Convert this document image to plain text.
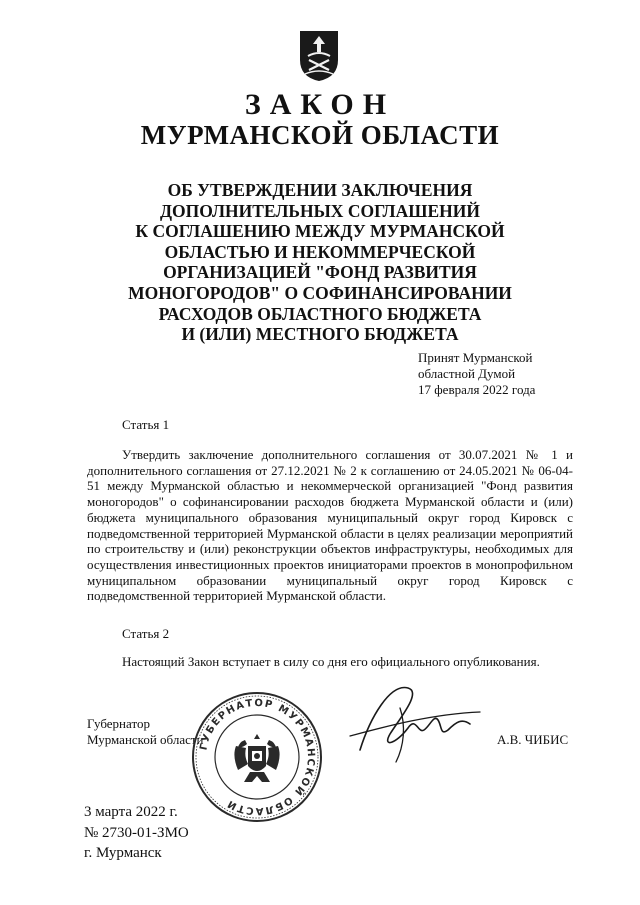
ЗАКОН
МУРМАНСКОЙ ОБЛАСТИ
ОБ УТВЕРЖДЕНИИ ЗАКЛЮЧЕНИЯ
ДОПОЛНИТЕЛЬНЫХ СОГЛАШЕНИЙ
К СОГЛАШЕНИЮ МЕЖДУ МУРМАНСКОЙ
ОБЛАСТЬЮ И НЕКОММЕРЧЕСКОЙ
ОРГАНИЗАЦИЕЙ "ФОНД РАЗВИТИЯ
МОНОГОРОДОВ" О СОФИНАНСИРОВАНИИ
РАСХОДОВ ОБЛАСТНОГО БЮДЖЕТА
И (ИЛИ) МЕСТНОГО БЮДЖЕТА
Принят Мурманской
областной Думой
17 февраля 2022 года
Статья 1
Утвердить заключение дополнительного соглашения от 30.07.2021 № 1 и дополнительного соглашения от 27.12.2021 № 2 к соглашению от 24.05.2021 № 06-04-51 между Мурманской областью и некоммерческой организацией "Фонд развития моногородов" о софинансировании расходов бюджета Мурманской области и (или) бюджета муниципального образования муниципальный округ город Кировск с подведомственной территорией Мурманской области в целях реализации мероприятий по строительству и (или) реконструкции объектов инфраструктуры, необходимых для осуществления инвестиционных проектов инициаторами проектов в монопрофильном муниципальном образовании муниципальный округ город Кировск с подведомственной территорией Мурманской области.
Статья 2
Настоящий Закон вступает в силу со дня его официального опубликования.
Губернатор
Мурманской области
ГУБЕРНАТОР МУРМАНСКОЙ ОБЛАСТИ
А.В. ЧИБИС
3 марта 2022 г.
№ 2730-01-ЗМО
г. Мурманск
